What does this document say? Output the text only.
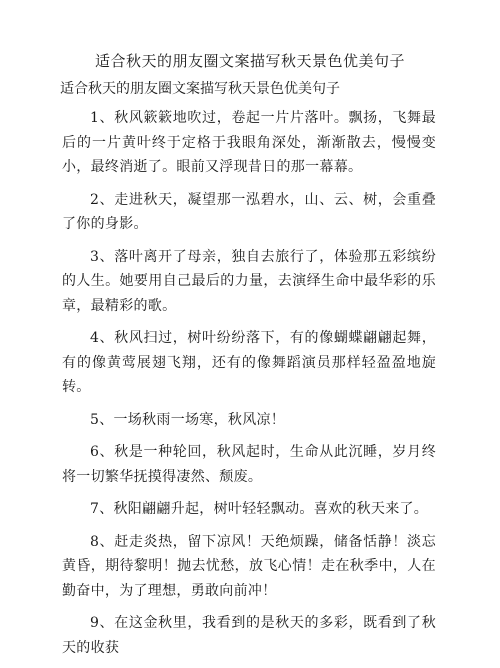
适合秋天的朋友圈文案描写秋天景色优美句子
适合秋天的朋友圈文案描写秋天景色优美句子

1、秋风簌簌地吹过，卷起一片片落叶。飘扬，飞舞最后的一片黄叶终于定格于我眼角深处，渐渐散去，慢慢变小，最终消逝了。眼前又浮现昔日的那一幕幕。

2、走进秋天，凝望那一泓碧水，山、云、树，会重叠了你的身影。

3、落叶离开了母亲，独自去旅行了，体验那五彩缤纷的人生。她要用自己最后的力量，去演绎生命中最华彩的乐章，最精彩的歌。

4、秋风扫过，树叶纷纷落下，有的像蝴蝶翩翩起舞，有的像黄莺展翅飞翔，还有的像舞蹈演员那样轻盈盈地旋转。

5、一场秋雨一场寒，秋风凉！

6、秋是一种轮回，秋风起时，生命从此沉睡，岁月终将一切繁华抚摸得凄然、颓废。

7、秋阳翩翩升起，树叶轻轻飘动。喜欢的秋天来了。

8、赶走炎热，留下凉风！天绝烦躁，储备恬静！淡忘黄昏，期待黎明！抛去忧愁，放飞心情！走在秋季中，人在勤奋中，为了理想，勇敢向前冲！

9、在这金秋里，我看到的是秋天的多彩，既看到了秋天的收获
